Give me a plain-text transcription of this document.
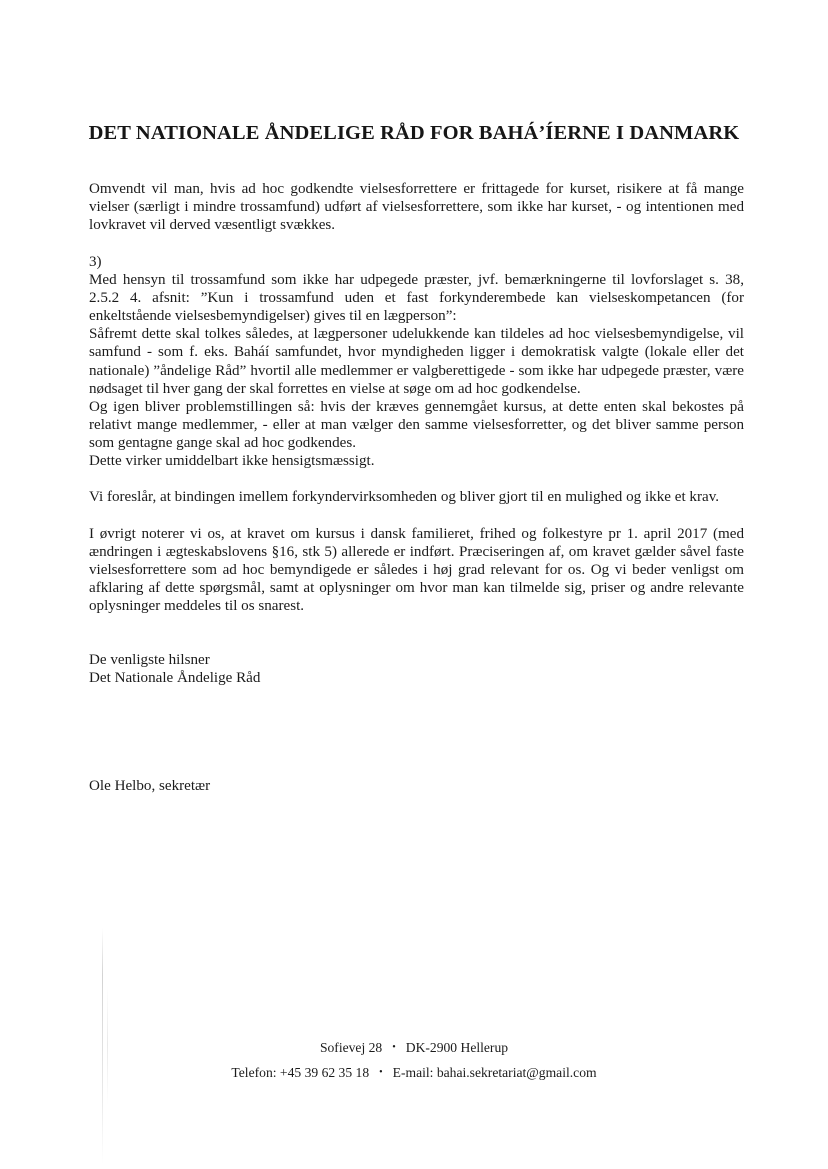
DET NATIONALE ÅNDELIGE RÅD FOR BAHÁ’ÍERNE I DANMARK

Omvendt vil man, hvis ad hoc godkendte vielsesforrettere er frittagede for kurset, risikere at få mange vielser (særligt i mindre trossamfund) udført af vielsesforrettere, som ikke har kurset, - og intentionen med lovkravet vil derved væsentligt svækkes.

3)

Med hensyn til trossamfund som ikke har udpegede præster, jvf. bemærkningerne til lovforslaget s. 38, 2.5.2 4. afsnit: ”Kun i trossamfund uden et fast forkynderembede kan vielseskompetancen (for enkeltstående vielsesbemyndigelser) gives til en lægperson”:

Såfremt dette skal tolkes således, at lægpersoner udelukkende kan tildeles ad hoc vielsesbemyndigelse, vil samfund - som f. eks. Baháí samfundet, hvor myndigheden ligger i demokratisk valgte (lokale eller det nationale) ”åndelige Råd” hvortil alle medlemmer er valgberettigede - som ikke har udpegede præster, være nødsaget til hver gang der skal forrettes en vielse at søge om ad hoc godkendelse.

Og igen bliver problemstillingen så: hvis der kræves gennemgået kursus, at dette enten skal bekostes på relativt mange medlemmer, - eller at man vælger den samme vielsesforretter, og det bliver samme person som gentagne gange skal ad hoc godkendes.

Dette virker umiddelbart ikke hensigtsmæssigt.

Vi foreslår, at bindingen imellem forkyndervirksomheden og bliver gjort til en mulighed og ikke et krav.

I øvrigt noterer vi os, at kravet om kursus i dansk familieret, frihed og folkestyre pr 1. april 2017 (med ændringen i ægteskabslovens §16, stk 5) allerede er indført. Præciseringen af, om kravet gælder såvel faste vielsesforrettere som ad hoc bemyndigede er således i høj grad relevant for os. Og vi beder venligst om afklaring af dette spørgsmål, samt at oplysninger om hvor man kan tilmelde sig, priser og andre relevante oplysninger meddeles til os snarest.

De venligste hilsner
Det Nationale Åndelige Råd
Ole Helbo, sekretær
Sofievej 28 • DK-2900 Hellerup
Telefon: +45 39 62 35 18 • E-mail: bahai.sekretariat@gmail.com
